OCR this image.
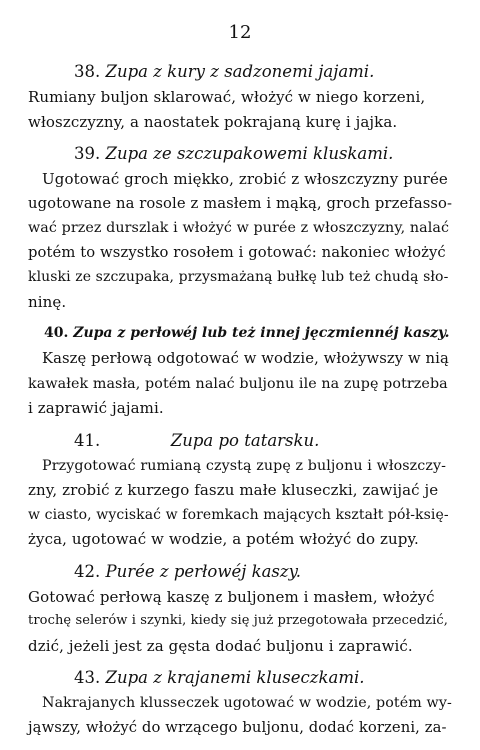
12

38. Zupa z kury z sadzonemi jajami.

Rumiany buljon sklarować, włożyć w niego korzeni,
włoszczyzny, a naostatek pokrajaną kurę i jajka.

39. Zupa ze szczupakowemi kluskami.

Ugotować groch miękko, zrobić z włoszczyzny purée
ugotowane na rosole z masłem i mąką, groch przefasso-
wać przez durszlak i włożyć w purée z włoszczyzny, nalać
potém to wszystko rosołem i gotować: nakoniec włożyć
kluski ze szczupaka, przysmażaną bułkę lub też chudą sło-
ninę.

40. Zupa z perłowéj lub też innej jęczmiennéj kaszy.

Kaszę perłową odgotować w wodzie, włożywszy w nią
kawałek masła, potém nalać buljonu ile na zupę potrzeba
i zaprawić jajami.

41.	Zupa po tatarsku.

Przygotować rumianą czystą zupę z buljonu i włoszczy-
zny, zrobić z kurzego faszu małe kluseczki, zawijać je
w ciasto, wyciskać w foremkach mających kształt pół-księ-
życa, ugotować w wodzie, a potém włożyć do zupy.

42. Purée z perłowéj kaszy.

Gotować perłową kaszę z buljonem i masłem, włożyć
trochę selerów i szynki, kiedy się już przegotowała przecedzić,
dzić, jeżeli jest za gęsta dodać buljonu i zaprawić.

43. Zupa z krajanemi kluseczkami.

Nakrajanych klusseczek ugotować w wodzie, potém wy-
jąwszy, włożyć do wrzącego buljonu, dodać korzeni, za-
